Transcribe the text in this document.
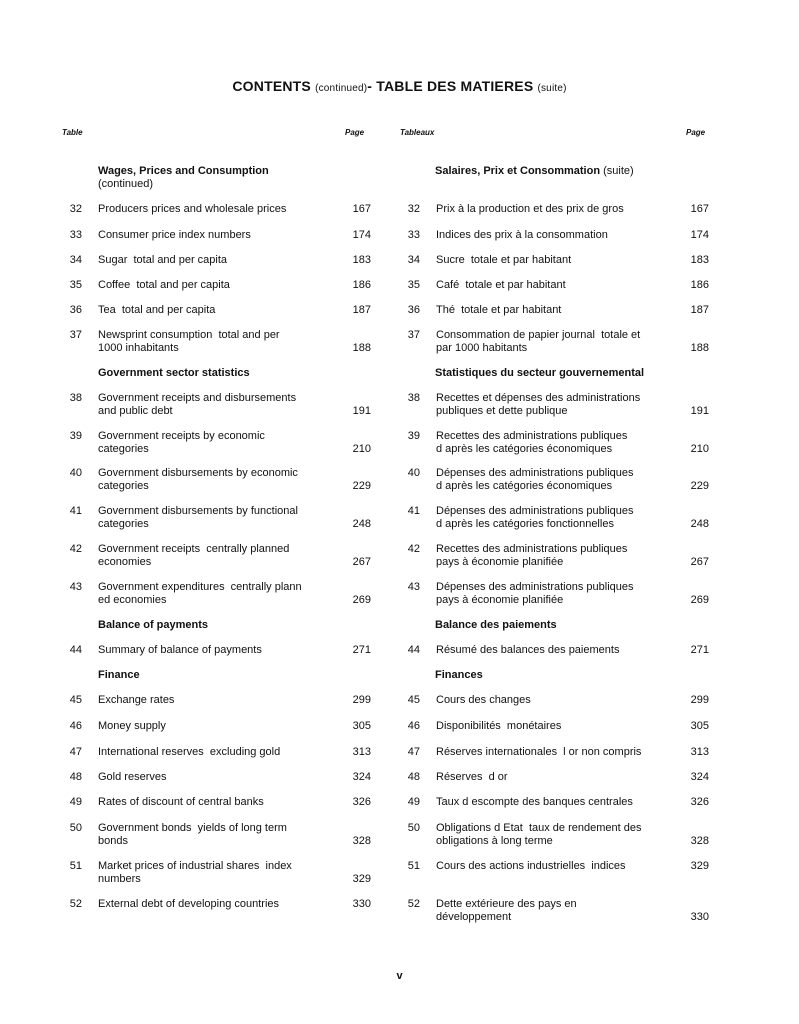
CONTENTS (continued)- TABLE DES MATIERES (suite)
Table	Page	Tableaux	Page
Wages, Prices and Consumption
(continued)
Government sector statistics
Balance of payments
Finance
32 Producers prices and wholesale prices	167
33 Consumer price index numbers	174
34 Sugar  total and per capita	183
35 Coffee  total and per capita	186
36 Tea  total and per capita	187
37 Newsprint consumption  total and per
1000 inhabitants	188
38 Government receipts and disbursements
and public debt	191
39 Government receipts by economic
categories	210
40 Government disbursements by economic
categories	229
41 Government disbursements by functional
categories	248
42 Government receipts  centrally planned
economies	267
43 Government expenditures  centrally plann
ed economies	269
44 Summary of balance of payments	271
45 Exchange rates	299
46 Money supply	305
47 International reserves  excluding gold	313
48 Gold reserves	324
49 Rates of discount of central banks	326
50 Government bonds  yields of long term
bonds	328
51 Market prices of industrial shares  index
numbers	329
52 External debt of developing countries	330
Salaires, Prix et Consommation (suite)
Statistiques du secteur gouvernemental
Balance des paiements
Finances
32 Prix à la production et des prix de gros	167
33 Indices des prix à la consommation	174
34 Sucre  totale et par habitant	183
35 Café  totale et par habitant	186
36 Thé  totale et par habitant	187
37 Consommation de papier journal  totale et
par 1000 habitants	188
38 Recettes et dépenses des administrations
publiques et dette publique	191
39 Recettes des administrations publiques
d après les catégories économiques	210
40 Dépenses des administrations publiques
d après les catégories économiques	229
41 Dépenses des administrations publiques
d après les catégories fonctionnelles	248
42 Recettes des administrations publiques
pays à économie planifiée	267
43 Dépenses des administrations publiques
pays à économie planifiée	269
44 Résumé des balances des paiements	271
45 Cours des changes	299
46 Disponibilités  monétaires	305
47 Réserves internationales  l or non compris	313
48 Réserves  d or	324
49 Taux d escompte des banques centrales	326
50 Obligations d Etat  taux de rendement des
obligations à long terme	328
51 Cours des actions industrielles  indices	329
52 Dette extérieure des pays en
développement	330
v
